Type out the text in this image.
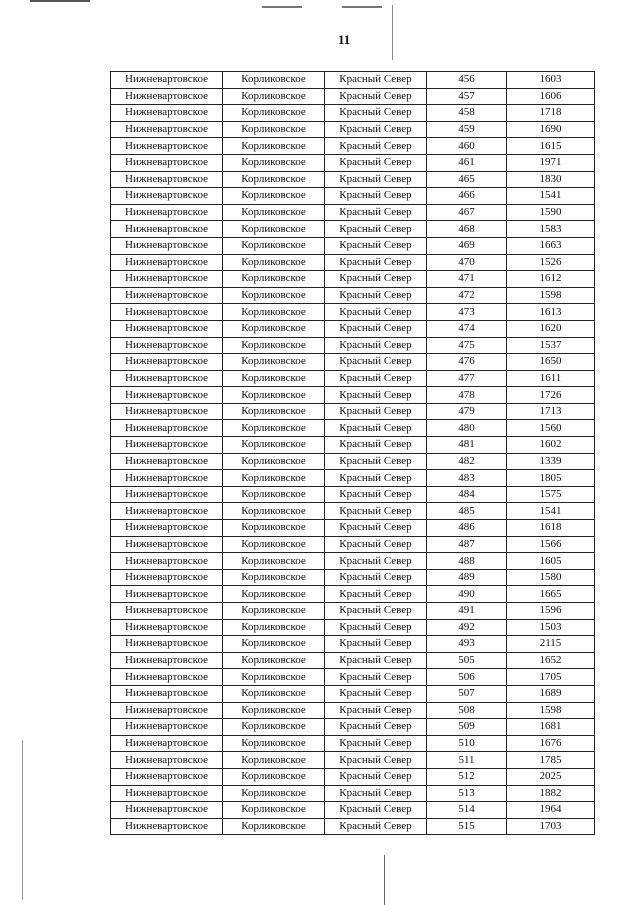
11
Нижневартовское	Корликовское	Красный Север	456	1603
Нижневартовское	Корликовское	Красный Север	457	1606
Нижневартовское	Корликовское	Красный Север	458	1718
Нижневартовское	Корликовское	Красный Север	459	1690
Нижневартовское	Корликовское	Красный Север	460	1615
Нижневартовское	Корликовское	Красный Север	461	1971
Нижневартовское	Корликовское	Красный Север	465	1830
Нижневартовское	Корликовское	Красный Север	466	1541
Нижневартовское	Корликовское	Красный Север	467	1590
Нижневартовское	Корликовское	Красный Север	468	1583
Нижневартовское	Корликовское	Красный Север	469	1663
Нижневартовское	Корликовское	Красный Север	470	1526
Нижневартовское	Корликовское	Красный Север	471	1612
Нижневартовское	Корликовское	Красный Север	472	1598
Нижневартовское	Корликовское	Красный Север	473	1613
Нижневартовское	Корликовское	Красный Север	474	1620
Нижневартовское	Корликовское	Красный Север	475	1537
Нижневартовское	Корликовское	Красный Север	476	1650
Нижневартовское	Корликовское	Красный Север	477	1611
Нижневартовское	Корликовское	Красный Север	478	1726
Нижневартовское	Корликовское	Красный Север	479	1713
Нижневартовское	Корликовское	Красный Север	480	1560
Нижневартовское	Корликовское	Красный Север	481	1602
Нижневартовское	Корликовское	Красный Север	482	1339
Нижневартовское	Корликовское	Красный Север	483	1805
Нижневартовское	Корликовское	Красный Север	484	1575
Нижневартовское	Корликовское	Красный Север	485	1541
Нижневартовское	Корликовское	Красный Север	486	1618
Нижневартовское	Корликовское	Красный Север	487	1566
Нижневартовское	Корликовское	Красный Север	488	1605
Нижневартовское	Корликовское	Красный Север	489	1580
Нижневартовское	Корликовское	Красный Север	490	1665
Нижневартовское	Корликовское	Красный Север	491	1596
Нижневартовское	Корликовское	Красный Север	492	1503
Нижневартовское	Корликовское	Красный Север	493	2115
Нижневартовское	Корликовское	Красный Север	505	1652
Нижневартовское	Корликовское	Красный Север	506	1705
Нижневартовское	Корликовское	Красный Север	507	1689
Нижневартовское	Корликовское	Красный Север	508	1598
Нижневартовское	Корликовское	Красный Север	509	1681
Нижневартовское	Корликовское	Красный Север	510	1676
Нижневартовское	Корликовское	Красный Север	511	1785
Нижневартовское	Корликовское	Красный Север	512	2025
Нижневартовское	Корликовское	Красный Север	513	1882
Нижневартовское	Корликовское	Красный Север	514	1964
Нижневартовское	Корликовское	Красный Север	515	1703
